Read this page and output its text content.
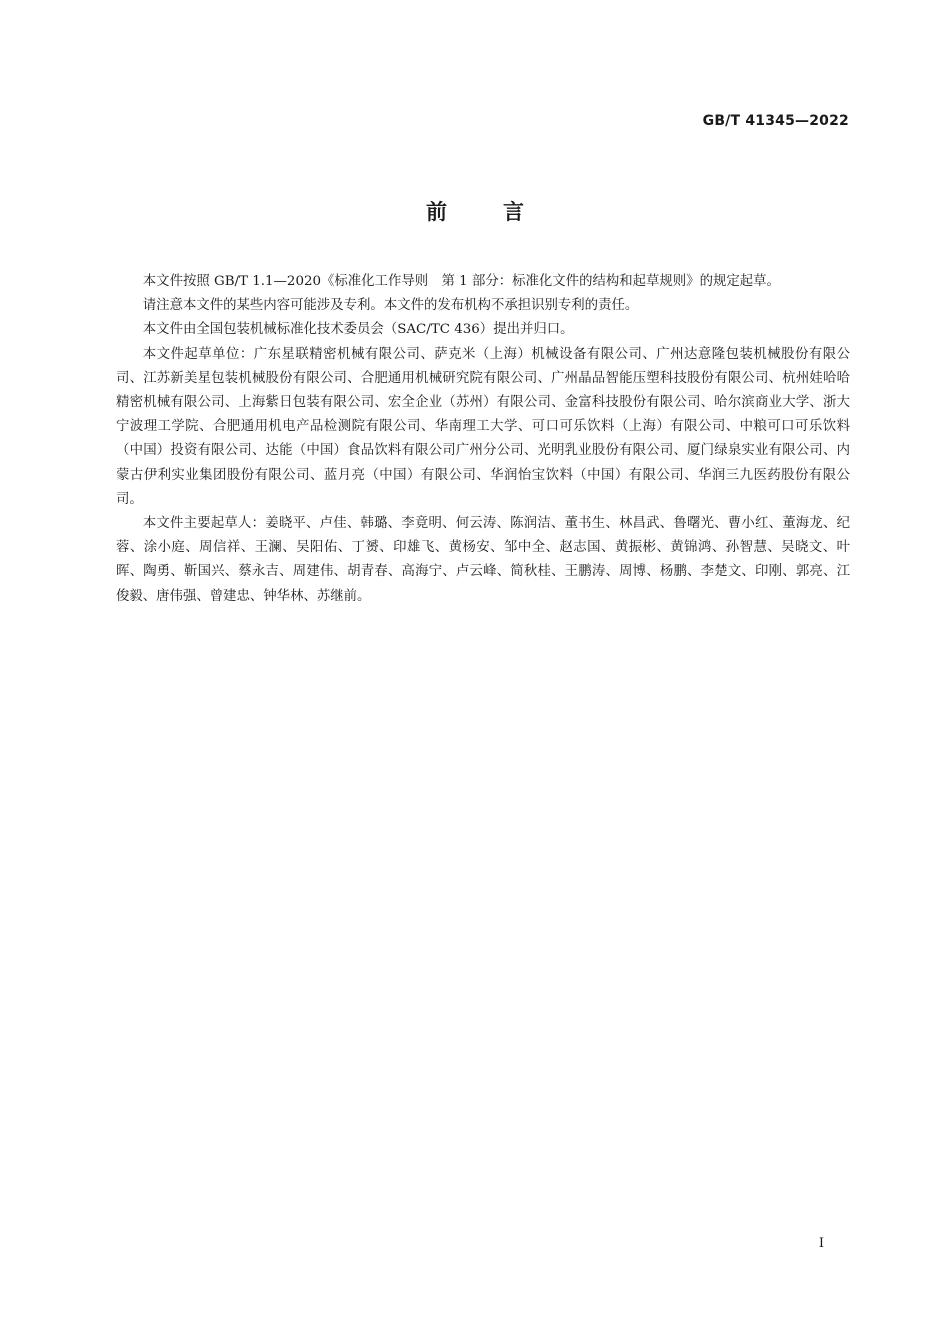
GB/T 41345—2022
前言

本文件按照 GB/T 1.1—2020《标准化工作导则　第 1 部分：标准化文件的结构和起草规则》的规定起草。

请注意本文件的某些内容可能涉及专利。本文件的发布机构不承担识别专利的责任。

本文件由全国包装机械标准化技术委员会（SAC/TC 436）提出并归口。

本文件起草单位：广东星联精密机械有限公司、萨克米（上海）机械设备有限公司、广州达意隆包装机械股份有限公司、江苏新美星包装机械股份有限公司、合肥通用机械研究院有限公司、广州晶品智能压塑科技股份有限公司、杭州娃哈哈精密机械有限公司、上海紫日包装有限公司、宏全企业（苏州）有限公司、金富科技股份有限公司、哈尔滨商业大学、浙大宁波理工学院、合肥通用机电产品检测院有限公司、华南理工大学、可口可乐饮料（上海）有限公司、中粮可口可乐饮料（中国）投资有限公司、达能（中国）食品饮料有限公司广州分公司、光明乳业股份有限公司、厦门绿泉实业有限公司、内蒙古伊利实业集团股份有限公司、蓝月亮（中国）有限公司、华润怡宝饮料（中国）有限公司、华润三九医药股份有限公司。

本文件主要起草人：姜晓平、卢佳、韩璐、李竟明、何云涛、陈润洁、董书生、林昌武、鲁曙光、曹小红、董海龙、纪蓉、涂小庭、周信祥、王澜、吴阳佑、丁赟、印雄飞、黄杨安、邹中全、赵志国、黄振彬、黄锦鸿、孙智慧、吴晓文、叶晖、陶勇、靳国兴、蔡永吉、周建伟、胡青春、高海宁、卢云峰、简秋桂、王鹏涛、周博、杨鹏、李楚文、印刚、郭亮、江俊毅、唐伟强、曾建忠、钟华林、苏继前。

I
